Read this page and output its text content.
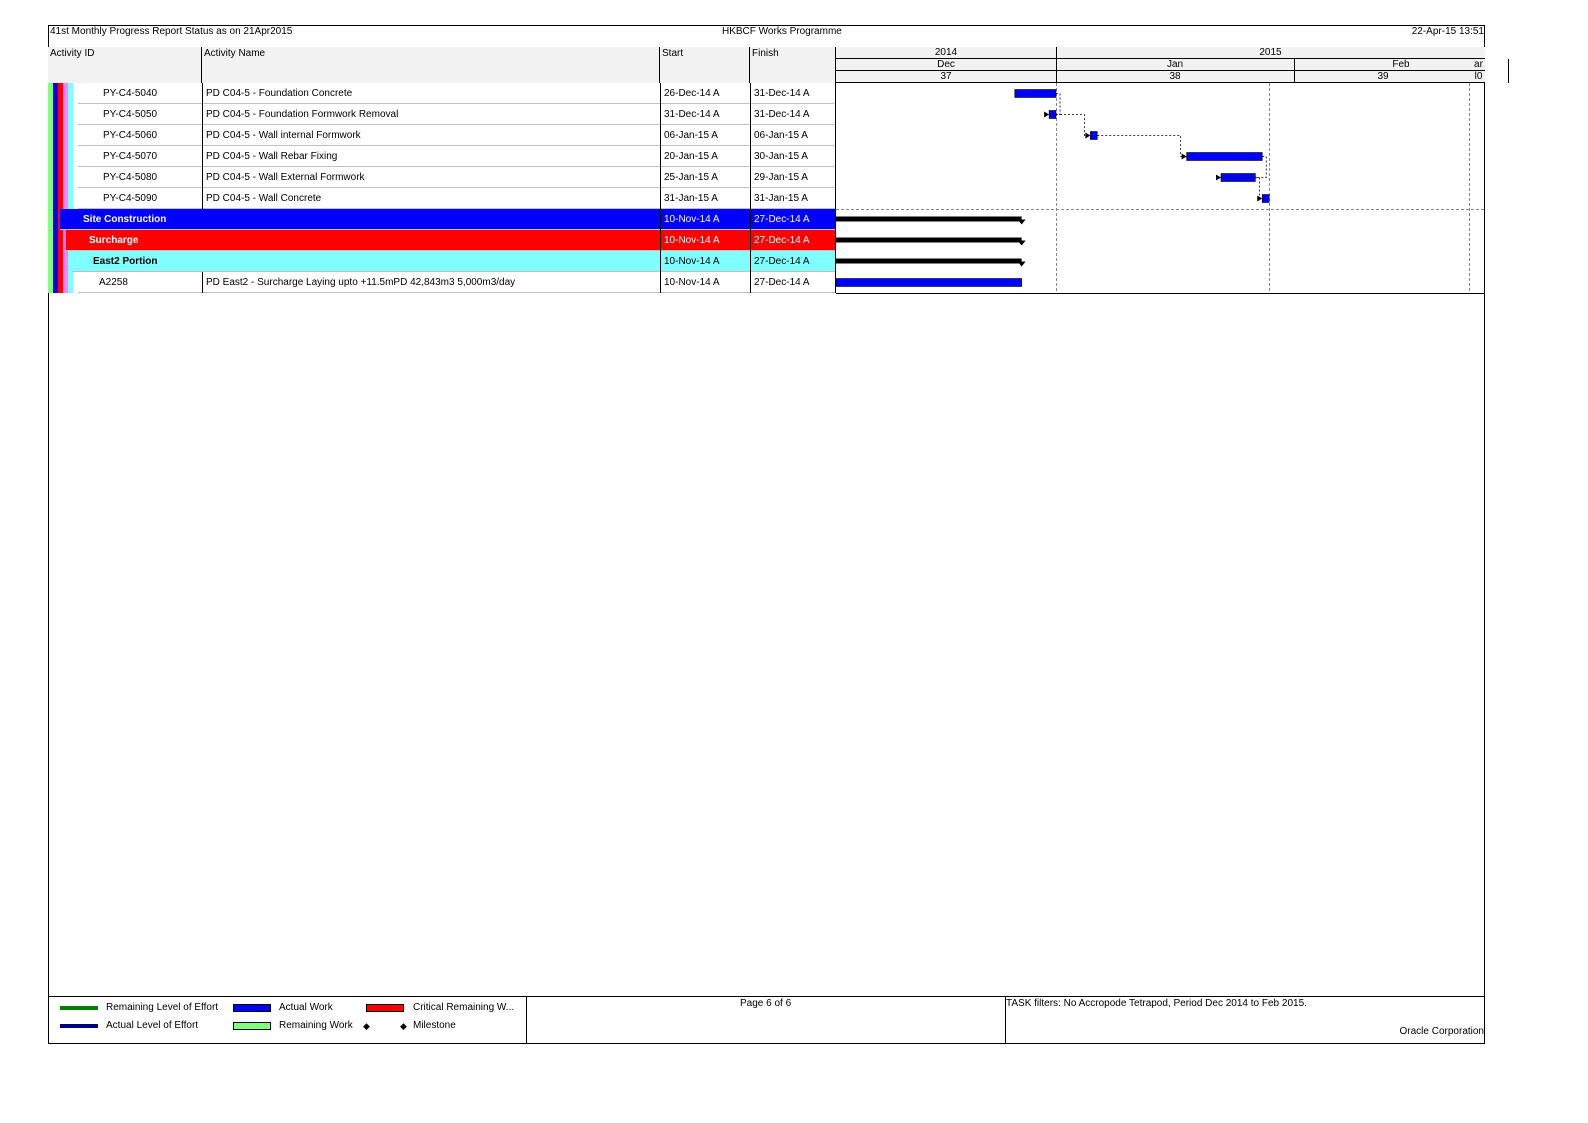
41st Monthly Progress Report Status as on 21Apr2015	HKBCF Works Programme	22-Apr-15 13:51
Activity ID	Activity Name	Start	Finish	2014	2015
Dec	Jan	Feb	ar
37	38	39	l0
PY-C4-5040	PD C04-5 - Foundation Concrete	26-Dec-14 A	31-Dec-14 A
PY-C4-5050	PD C04-5 - Foundation Formwork Removal	31-Dec-14 A	31-Dec-14 A
PY-C4-5060	PD C04-5 - Wall internal Formwork	06-Jan-15 A	06-Jan-15 A
PY-C4-5070	PD C04-5 - Wall Rebar Fixing	20-Jan-15 A	30-Jan-15 A
PY-C4-5080	PD C04-5 - Wall External Formwork	25-Jan-15 A	29-Jan-15 A
PY-C4-5090	PD C04-5 - Wall Concrete	31-Jan-15 A	31-Jan-15 A
Site Construction	10-Nov-14 A	27-Dec-14 A
Surcharge	10-Nov-14 A	27-Dec-14 A
East2 Portion	10-Nov-14 A	27-Dec-14 A
A2258	PD East2 - Surcharge Laying upto +11.5mPD 42,843m3 5,000m3/day	10-Nov-14 A	27-Dec-14 A
Remaining Level of Effort
Actual Level of Effort
Actual Work
Remaining Work ◆
Critical Remaining W...
◆ Milestone
Page 6 of 6	TASK filters: No Accropode Tetrapod, Period Dec 2014 to Feb 2015.
Oracle Corporation
